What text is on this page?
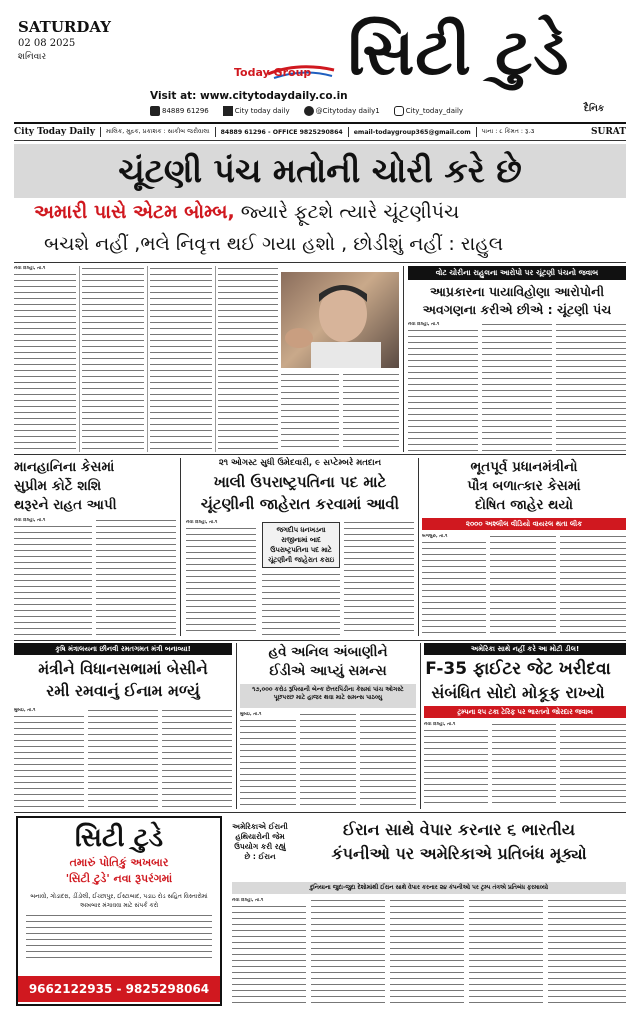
SATURDAY
02 08 2025
શનિવાર
Today Group
Visit at: www.citytodaydaily.co.in
સિટી ટુડે
દૈનિક
84889 61296	City today daily	@Citytoday daily1	City_today_daily
City Today Daily માલિક, મુદ્રક, પ્રકાશક : સાકીબ જરીવાલા 84889 61296 - OFFICE 9825290864 email-todaygroup365@gmail.com પાના : ૮ કિંમત : રૂ.૩	SURAT
ચૂંટણી પંચ મતોની ચોરી કરે છે
અમારી પાસે એટમ બોમ્બ, જ્યારે ફૂટશે ત્યારે ચૂંટણીપંચ
બચશે નહીં ,ભલે નિવૃત્ત થઈ ગયા હશો , છોડીશું નહીં : રાહુલ
નવી દિલ્હી, તા.૧	વોટ ચોરીના રાહુલના આરોપો પર ચૂંટણી પંચનો જવાબ
આપ્રકારના પાયાવિહોણા આરોપોની
અવગણના કરીએ છીએ : ચૂંટણી પંચ
નવી દિલ્હી, તા.૧
માનહાનિના કેસમાં
સુપ્રીમ કોર્ટે શશિ
થરૂરને રાહત આપી
નવી દિલ્હી, તા.૧
૨૧ ઓગસ્ટ સુધી ઉમેદવારી, ૯ સપ્ટેમ્બરે મતદાન
ખાલી ઉપરાષ્ટ્રપતિના પદ માટે
ચૂંટણીની જાહેરાત કરવામાં આવી
નવી દિલ્હી, તા.૧
જગદીપ ધનખડના રાજીનામાં બાદ ઉપરાષ્ટ્રપતિના પદ માટે ચૂંટણીની જાહેરાત કરાઇ
ભૂતપૂર્વ પ્રધાનમંત્રીનો
પૌત્ર બળાત્કાર કેસમાં
દોષિત જાહેર થયો
૨૦૦૦ અશ્લીલ વીડિયો વાયરલ થતા લીક
બેંગલુરુ, તા.૧
કૃષિ મંત્રાલયના છીનવી રમતગમત મંત્રી બનાવ્યા!
મંત્રીને વિધાનસભામાં બેસીને
રમી રમવાનું ઈનામ મળ્યું
મુંબઇ, તા.૧
હવે અનિલ અંબાણીને
ઈડીએ આપ્યું સમન્સ
૧૭,૦૦૦ કરોડ રૂપિયાની બેન્ક છેતરપિંડીના કેસમાં પાંચ ઓગસ્ટે પૂછપરછ માટે હાજર થવા માટે સમન્સ પાઠવ્યુ
મુંબઇ, તા.૧
અમેરિકા સાથે નહીં કરે આ મોટી ડીલ!
F-35 ફાઈટર જેટ ખરીદવા
સંબંધિત સોદો મોકૂફ રાખ્યો
ટ્રમ્પના ૨૫ ટકા ટેરિફ પર ભારતનો જોરદાર જવાબ
નવી દિલ્હી, તા.૧
સિટી ટુડે
તમારું પોતિકું અખબાર
'સિટી ટુડે' નવા રૂપરંગમાં
બનાવો, ગોડાદરા, ડીંડોલી, ઈચ્છાપુર, ઈસ્ટાબાદ, પડાઇ રોડ સહિત વિસ્તારોમાં અખબાર મંગાવવા માટે સંપર્ક કરો
9662122935 - 9825298064
અમેરિકાએ ઈરાની હથિયારોની જેમ ઉપયોગ કરી રહ્યું છે : ઈરાન
ઈરાન સાથે વેપાર કરનાર ૬ ભારતીય
કંપનીઓ પર અમેરિકાએ પ્રતિબંધ મૂક્યો
દુનિયાના જુદા-જુદા દેશોમાંથી ઈરાન સાથે વેપાર કરનાર ૨૪ કંપનીઓ પર ટ્રમ્પ તંત્રએ પ્રતિબંધ ફરમાવ્યો
નવી દિલ્હી, તા.૧
